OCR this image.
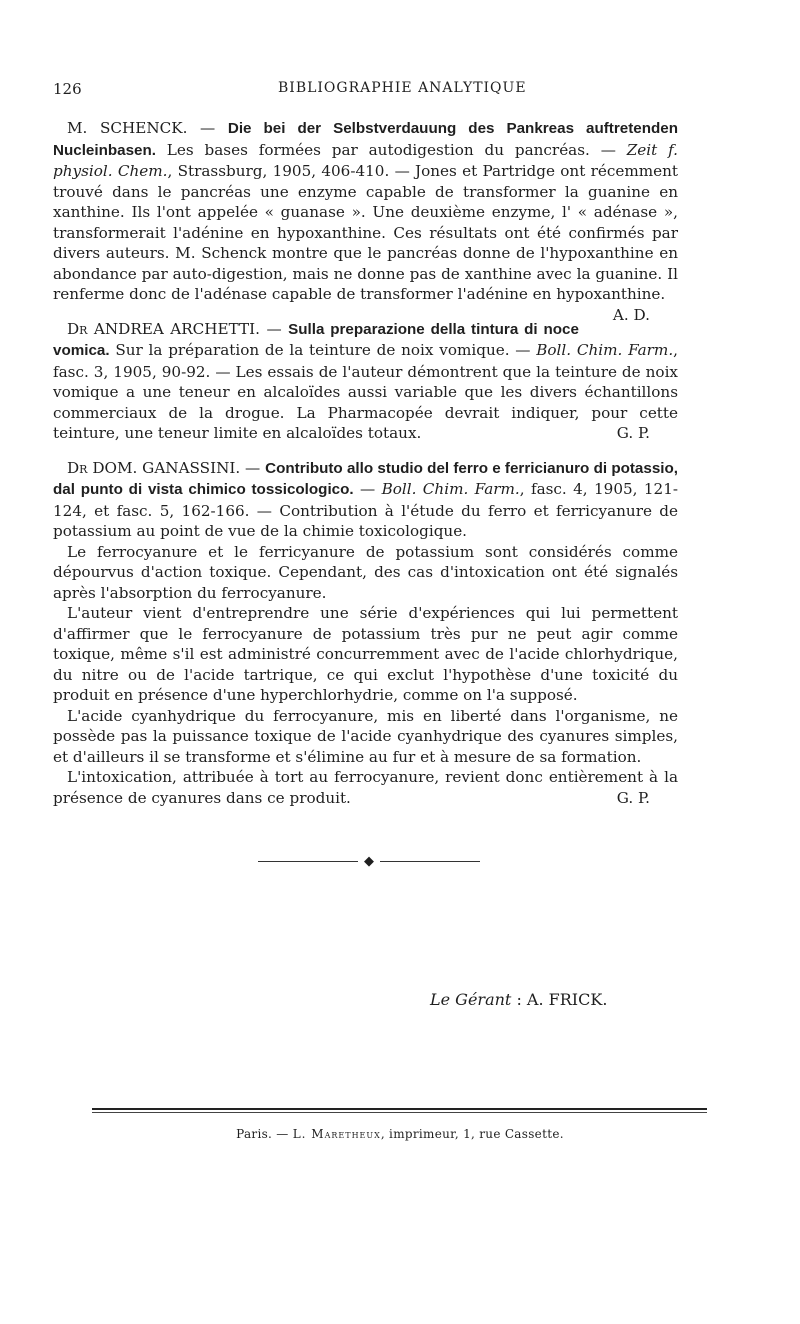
126	BIBLIOGRAPHIE ANALYTIQUE

M. SCHENCK. — Die bei der Selbstverdauung des Pankreas auftretenden Nucleinbasen. Les bases formées par autodigestion du pancréas. — Zeit f. physiol. Chem., Strassburg, 1905, 406-410. — Jones et Partridge ont récemment trouvé dans le pancréas une enzyme capable de transformer la guanine en xanthine. Ils l'ont appelée « guanase ». Une deuxième enzyme, l' « adénase », transformerait l'adénine en hypoxanthine. Ces résultats ont été confirmés par divers auteurs. M. Schenck montre que le pancréas donne de l'hypoxanthine en abondance par auto-digestion, mais ne donne pas de xanthine avec la guanine. Il renferme donc de l'adénase capable de transformer l'adénine en hypoxanthine.
A. D.

Dr ANDREA ARCHETTI. — Sulla preparazione della tintura di noce vomica. Sur la préparation de la teinture de noix vomique. — Boll. Chim. Farm., fasc. 3, 1905, 90-92. — Les essais de l'auteur démontrent que la teinture de noix vomique a une teneur en alcaloïdes aussi variable que les divers échantillons commerciaux de la drogue. La Pharmacopée devrait indiquer, pour cette teinture, une teneur limite en alcaloïdes totaux.	G. P.

Dr DOM. GANASSINI. — Contributo allo studio del ferro e ferricianuro di potassio, dal punto di vista chimico tossicologico. — Boll. Chim. Farm., fasc. 4, 1905, 121-124, et fasc. 5, 162-166. — Contribution à l'étude du ferro et ferricyanure de potassium au point de vue de la chimie toxicologique.

Le ferrocyanure et le ferricyanure de potassium sont considérés comme dépourvus d'action toxique. Cependant, des cas d'intoxication ont été signalés après l'absorption du ferrocyanure.

L'auteur vient d'entreprendre une série d'expériences qui lui permettent d'affirmer que le ferrocyanure de potassium très pur ne peut agir comme toxique, même s'il est administré concurremment avec de l'acide chlorhydrique, du nitre ou de l'acide tartrique, ce qui exclut l'hypothèse d'une toxicité du produit en présence d'une hyperchlorhydrie, comme on l'a supposé.

L'acide cyanhydrique du ferrocyanure, mis en liberté dans l'organisme, ne possède pas la puissance toxique de l'acide cyanhydrique des cyanures simples, et d'ailleurs il se transforme et s'élimine au fur et à mesure de sa formation.

L'intoxication, attribuée à tort au ferrocyanure, revient donc entièrement à la présence de cyanures dans ce produit.	G. P.

◆
Le Gérant : A. FRICK.
Paris. — L. Maretheux, imprimeur, 1, rue Cassette.
